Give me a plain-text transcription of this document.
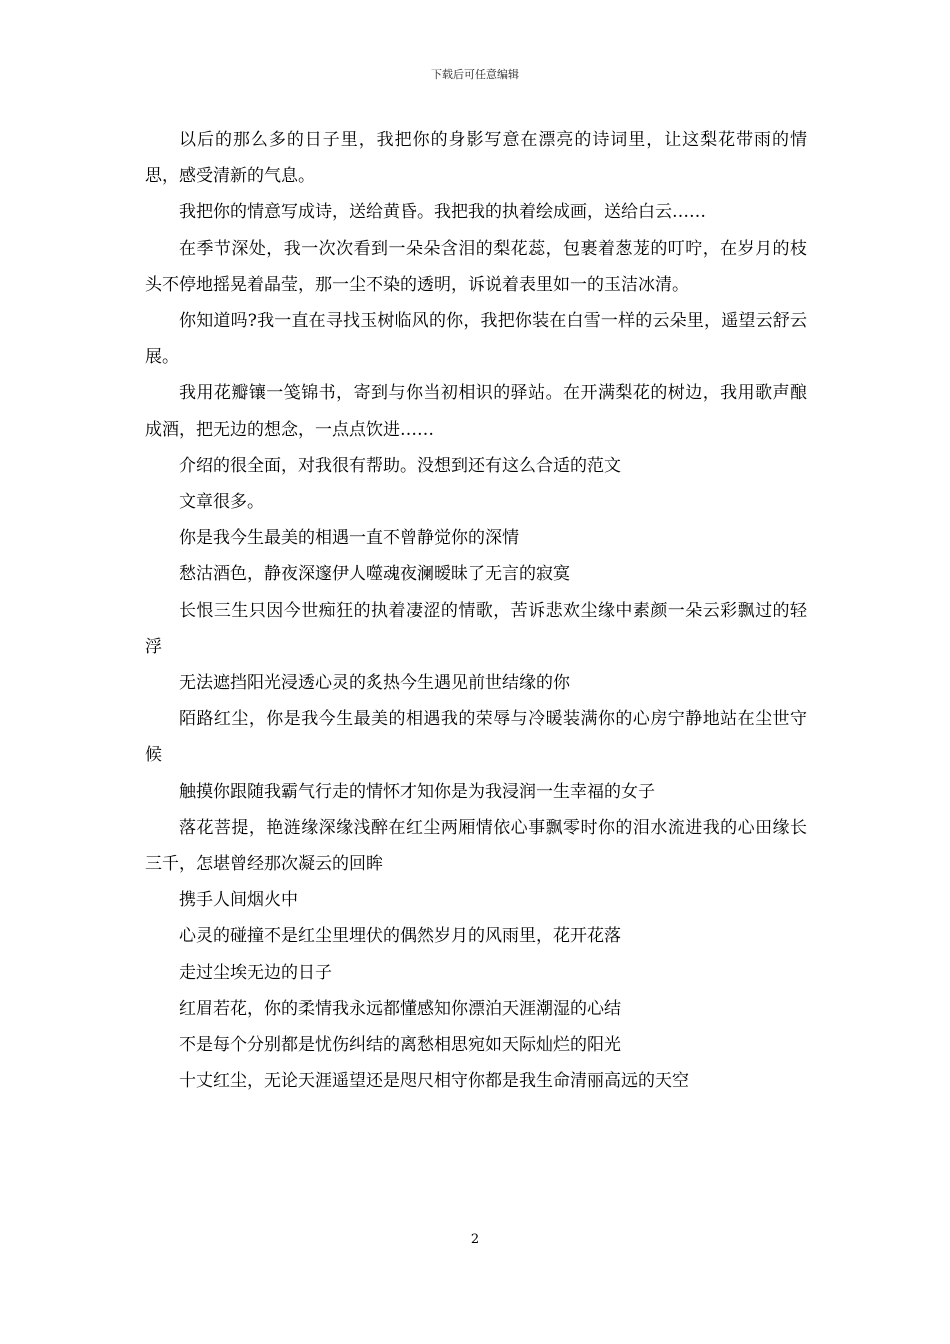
下载后可任意编辑

以后的那么多的日子里，我把你的身影写意在漂亮的诗词里，让这梨花带雨的情思，感受清新的气息。

我把你的情意写成诗，送给黄昏。我把我的执着绘成画，送给白云……

在季节深处，我一次次看到一朵朵含泪的梨花蕊，包裹着葱茏的叮咛，在岁月的枝头不停地摇晃着晶莹，那一尘不染的透明，诉说着表里如一的玉洁冰清。

你知道吗?我一直在寻找玉树临风的你，我把你装在白雪一样的云朵里，遥望云舒云展。

我用花瓣镶一笺锦书，寄到与你当初相识的驿站。在开满梨花的树边，我用歌声酿成酒，把无边的想念，一点点饮进……

介绍的很全面，对我很有帮助。没想到还有这么合适的范文

文章很多。

你是我今生最美的相遇一直不曾静觉你的深情

愁沽酒色，静夜深邃伊人噬魂夜澜暧昧了无言的寂寞

长恨三生只因今世痴狂的执着凄涩的情歌，苦诉悲欢尘缘中素颜一朵云彩飘过的轻浮

无法遮挡阳光浸透心灵的炙热今生遇见前世结缘的你

陌路红尘，你是我今生最美的相遇我的荣辱与冷暖装满你的心房宁静地站在尘世守候

触摸你跟随我霸气行走的情怀才知你是为我浸润一生幸福的女子

落花菩提，艳涟缘深缘浅醉在红尘两厢情依心事飘零时你的泪水流进我的心田缘长三千，怎堪曾经那次凝云的回眸

携手人间烟火中

心灵的碰撞不是红尘里埋伏的偶然岁月的风雨里，花开花落

走过尘埃无边的日子

红眉若花，你的柔情我永远都懂感知你漂泊天涯潮湿的心结

不是每个分别都是忧伤纠结的离愁相思宛如天际灿烂的阳光

十丈红尘，无论天涯遥望还是咫尺相守你都是我生命清丽高远的天空

2
